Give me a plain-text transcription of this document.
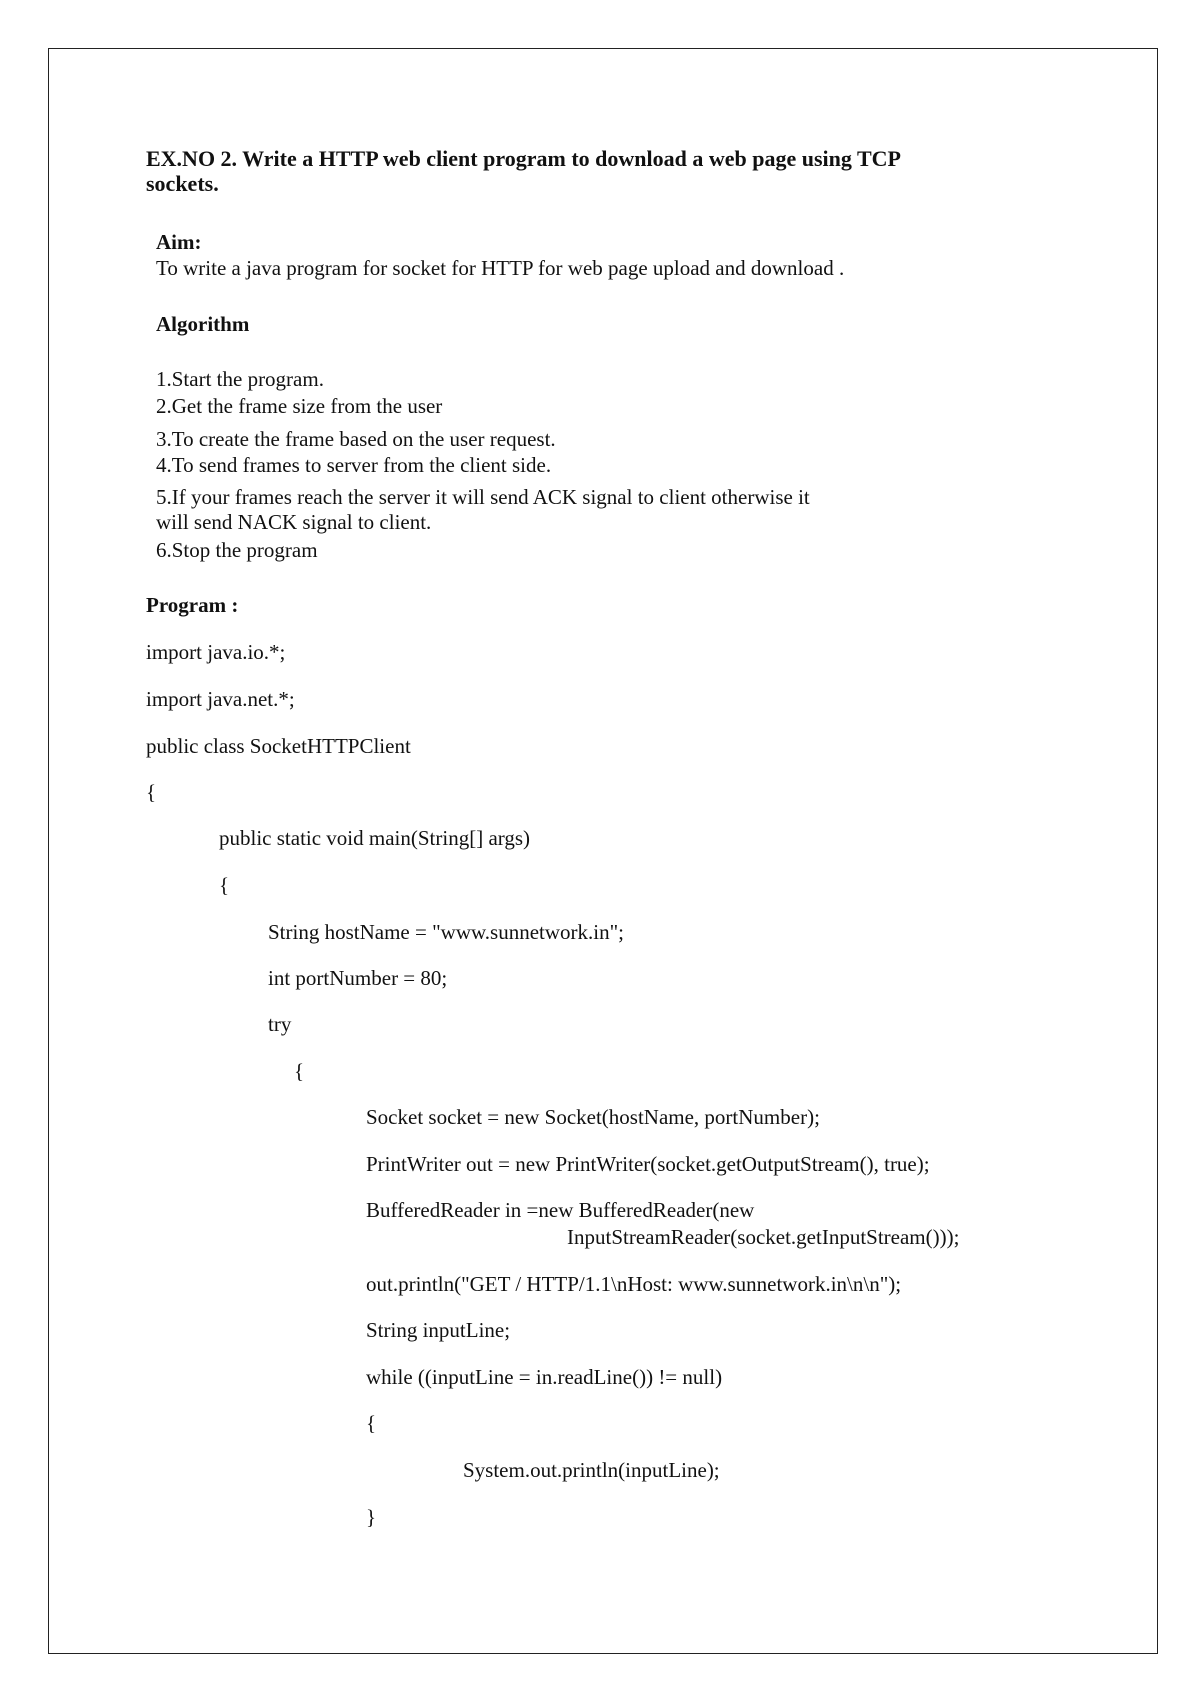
EX.NO 2. Write a HTTP web client program to download a web page using TCP
sockets.
Aim:
To write a java program for socket for HTTP for web page upload and download .
Algorithm
1.Start the program.
2.Get the frame size from the user
3.To create the frame based on the user request.
4.To send frames to server from the client side.
5.If your frames reach the server it will send ACK signal to client otherwise it
will send NACK signal to client.
6.Stop the program
Program :
import java.io.*;
import java.net.*;
public class SocketHTTPClient
{
public static void main(String[] args)
{
String hostName = "www.sunnetwork.in";
int portNumber = 80;
try
{
Socket socket = new Socket(hostName, portNumber);
PrintWriter out = new PrintWriter(socket.getOutputStream(), true);
BufferedReader in =new BufferedReader(new
InputStreamReader(socket.getInputStream()));
out.println("GET / HTTP/1.1\nHost: www.sunnetwork.in\n\n");
String inputLine;
while ((inputLine = in.readLine()) != null)
{
System.out.println(inputLine);
}
